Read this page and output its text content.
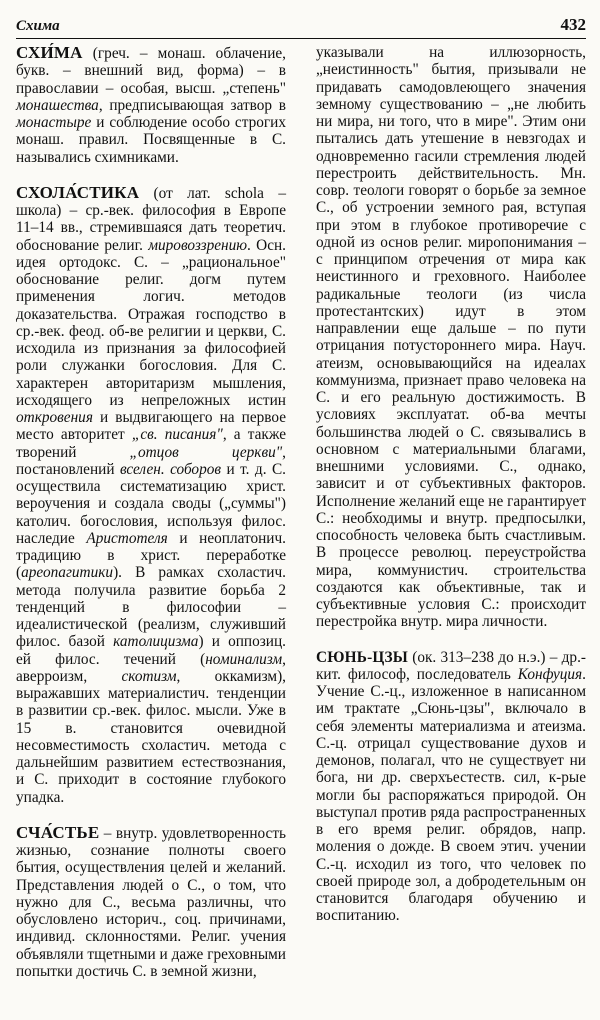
Схима	432

СХИ́МА (греч. – монаш. облачение, букв. – внешний вид, форма) – в православии – особая, высш. „степень" монашества, предписывающая затвор в монастыре и соблюдение особо строгих монаш. правил. Посвященные в С. назывались схимниками.

СХОЛА́СТИКА (от лат. schola – школа) – ср.-век. философия в Европе 11–14 вв., стремившаяся дать теоретич. обоснование религ. мировоззрению. Осн. идея ортодокс. С. – „рациональное" обоснование религ. догм путем применения логич. методов доказательства. Отражая господство в ср.-век. феод. об-ве религии и церкви, С. исходила из признания за философией роли служанки богословия. Для С. характерен авторитаризм мышления, исходящего из непреложных истин откровения и выдвигающего на первое место авторитет „св. писания", а также творений „отцов церкви", постановлений вселен. соборов и т. д. С. осуществила систематизацию христ. вероучения и создала своды („суммы") католич. богословия, используя филос. наследие Аристотеля и неоплатонич. традицию в христ. переработке (ареопагитики). В рамках схоластич. метода получила развитие борьба 2 тенденций в философии – идеалистической (реализм, служивший филос. базой католицизма) и оппозиц. ей филос. течений (номинализм, аверроизм, скотизм, оккамизм), выражавших материалистич. тенденции в развитии ср.-век. филос. мысли. Уже в 15 в. становится очевидной несовместимость схоластич. метода с дальнейшим развитием естествознания, и С. приходит в состояние глубокого упадка.

СЧА́СТЬЕ – внутр. удовлетворенность жизнью, сознание полноты своего бытия, осуществления целей и желаний. Представления людей о С., о том, что нужно для С., весьма различны, что обусловлено историч., соц. причинами, индивид. склонностями. Религ. учения объявляли тщетными и даже греховными попытки достичь С. в земной жизни,

указывали на иллюзорность, „неистинность" бытия, призывали не придавать самодовлеющего значения земному существованию – „не любить ни мира, ни того, что в мире". Этим они пытались дать утешение в невзгодах и одновременно гасили стремления людей перестроить действительность. Мн. совр. теологи говорят о борьбе за земное С., об устроении земного рая, вступая при этом в глубокое противоречие с одной из основ религ. миропонимания – с принципом отречения от мира как неистинного и греховного. Наиболее радикальные теологи (из числа протестантских) идут в этом направлении еще дальше – по пути отрицания потустороннего мира. Науч. атеизм, основывающийся на идеалах коммунизма, признает право человека на С. и его реальную достижимость. В условиях эксплуатат. об-ва мечты большинства людей о С. связывались в основном с материальными благами, внешними условиями. С., однако, зависит и от субъективных факторов. Исполнение желаний еще не гарантирует С.: необходимы и внутр. предпосылки, способность человека быть счастливым. В процессе революц. переустройства мира, коммунистич. строительства создаются как объективные, так и субъективные условия С.: происходит перестройка внутр. мира личности.

СЮНЬ-ЦЗЫ (ок. 313–238 до н.э.) – др.-кит. философ, последователь Конфуция. Учение С.-ц., изложенное в написанном им трактате „Сюнь-цзы", включало в себя элементы материализма и атеизма. С.-ц. отрицал существование духов и демонов, полагал, что не существует ни бога, ни др. сверхъестеств. сил, к-рые могли бы распоряжаться природой. Он выступал против ряда распространенных в его время религ. обрядов, напр. моления о дожде. В своем этич. учении С.-ц. исходил из того, что человек по своей природе зол, а добродетельным он становится благодаря обучению и воспитанию.
